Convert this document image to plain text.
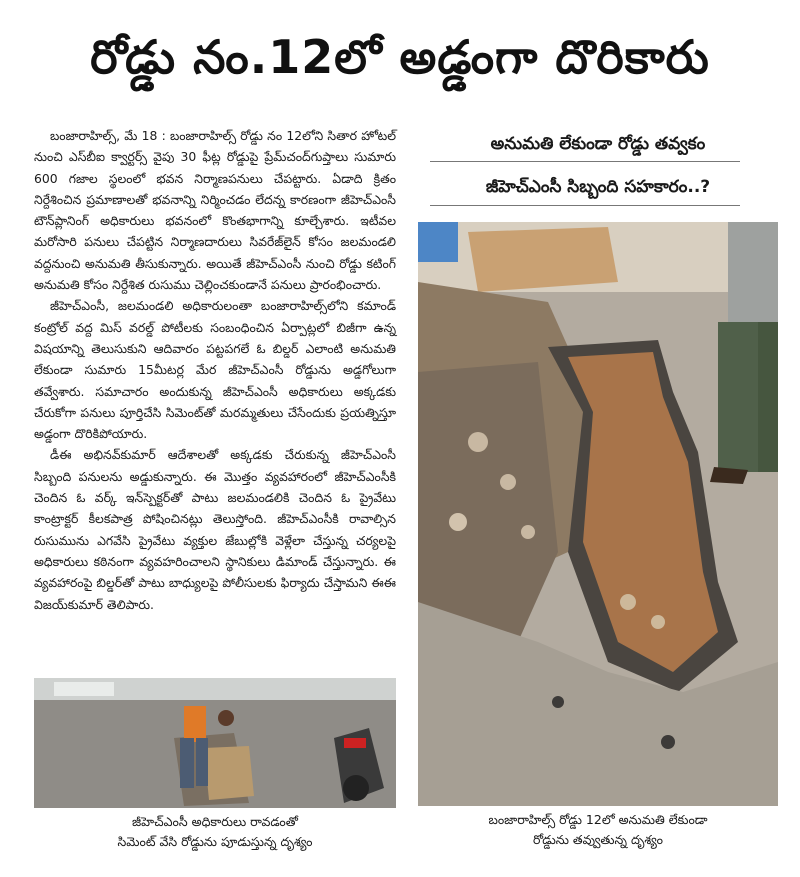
రోడ్డు నం.12లో అడ్డంగా దొరికారు

బంజారాహిల్స్, మే 18 : బంజారాహిల్స్ రోడ్డు నం 12లోని సితార హోటల్ నుంచి ఎస్‌బీఐ క్వార్టర్స్ వైపు 30 ఫీట్ల రోడ్డుపై ప్రేమ్‌చంద్‌గుప్తాలు సుమారు 600 గజాల స్థలంలో భవన నిర్మాణపనులు చేపట్టారు. ఏడాది క్రితం నిర్దేశించిన ప్రమాణాలతో భవనాన్ని నిర్మించడం లేదన్న కారణంగా జీహెచ్ఎంసీ టౌన్‌ప్లానింగ్ అధికారులు భవనంలో కొంతభాగాన్ని కూల్చేశారు. ఇటీవల మరోసారి పనులు చేపట్టిన నిర్మాణదారులు సివరేజ్‌లైన్ కోసం జలమండలి వద్దనుంచి అనుమతి తీసుకున్నారు. అయితే జీహెచ్ఎంసీ నుంచి రోడ్డు కటింగ్ అనుమతి కోసం నిర్దేశిత రుసుము చెల్లించకుండానే పనులు ప్రారంభించారు.

జీహెచ్ఎంసీ, జలమండలి అధికారులంతా బంజారాహిల్స్‌లోని కమాండ్ కంట్రోల్ వద్ద మిస్ వరల్డ్ పోటీలకు సంబంధించిన ఏర్పాట్లలో బిజీగా ఉన్న విషయాన్ని తెలుసుకుని ఆదివారం పట్టపగలే ఓ బిల్డర్ ఎలాంటి అనుమతి లేకుండా సుమారు 15మీటర్ల మేర జీహెచ్ఎంసీ రోడ్డును అడ్డగోలుగా తవ్వేశారు. సమాచారం అందుకున్న జీహెచ్ఎంసీ అధికారులు అక్కడకు చేరుకోగా పనులు పూర్తిచేసి సిమెంట్‌తో మరమ్మతులు చేసేందుకు ప్రయత్నిస్తూ అడ్డంగా దొరికిపోయారు.

డీఈ అభినవ్‌కుమార్ ఆదేశాలతో అక్కడకు చేరుకున్న జీహెచ్ఎంసీ సిబ్బంది పనులను అడ్డుకున్నారు. ఈ మొత్తం వ్యవహారంలో జీహెచ్ఎంసీకి చెందిన ఓ వర్క్ ఇన్‌స్పెక్టర్‌తో పాటు జలమండలికి చెందిన ఓ ప్రైవేటు కాంట్రాక్టర్ కీలకపాత్ర పోషించినట్లు తెలుస్తోంది. జీహెచ్ఎంసీకి రావాల్సిన రుసుమును ఎగవేసి ప్రైవేటు వ్యక్తుల జేబుల్లోకి వెళ్లేలా చేస్తున్న చర్యలపై అధికారులు కఠినంగా వ్యవహరించాలని స్థానికులు డిమాండ్ చేస్తున్నారు. ఈ వ్యవహారంపై బిల్డర్‌తో పాటు బాధ్యులపై పోలీసులకు ఫిర్యాదు చేస్తామని ఈఈ విజయ్‌కుమార్ తెలిపారు.

అనుమతి లేకుండా రోడ్డు తవ్వకం
జీహెచ్ఎంసీ సిబ్బంది సహకారం..?
జీహెచ్ఎంసీ అధికారులు రావడంతో
సిమెంట్ వేసి రోడ్డును పూడుస్తున్న దృశ్యం
బంజారాహిల్స్ రోడ్డు 12లో అనుమతి లేకుండా
రోడ్డును తవ్వుతున్న దృశ్యం
